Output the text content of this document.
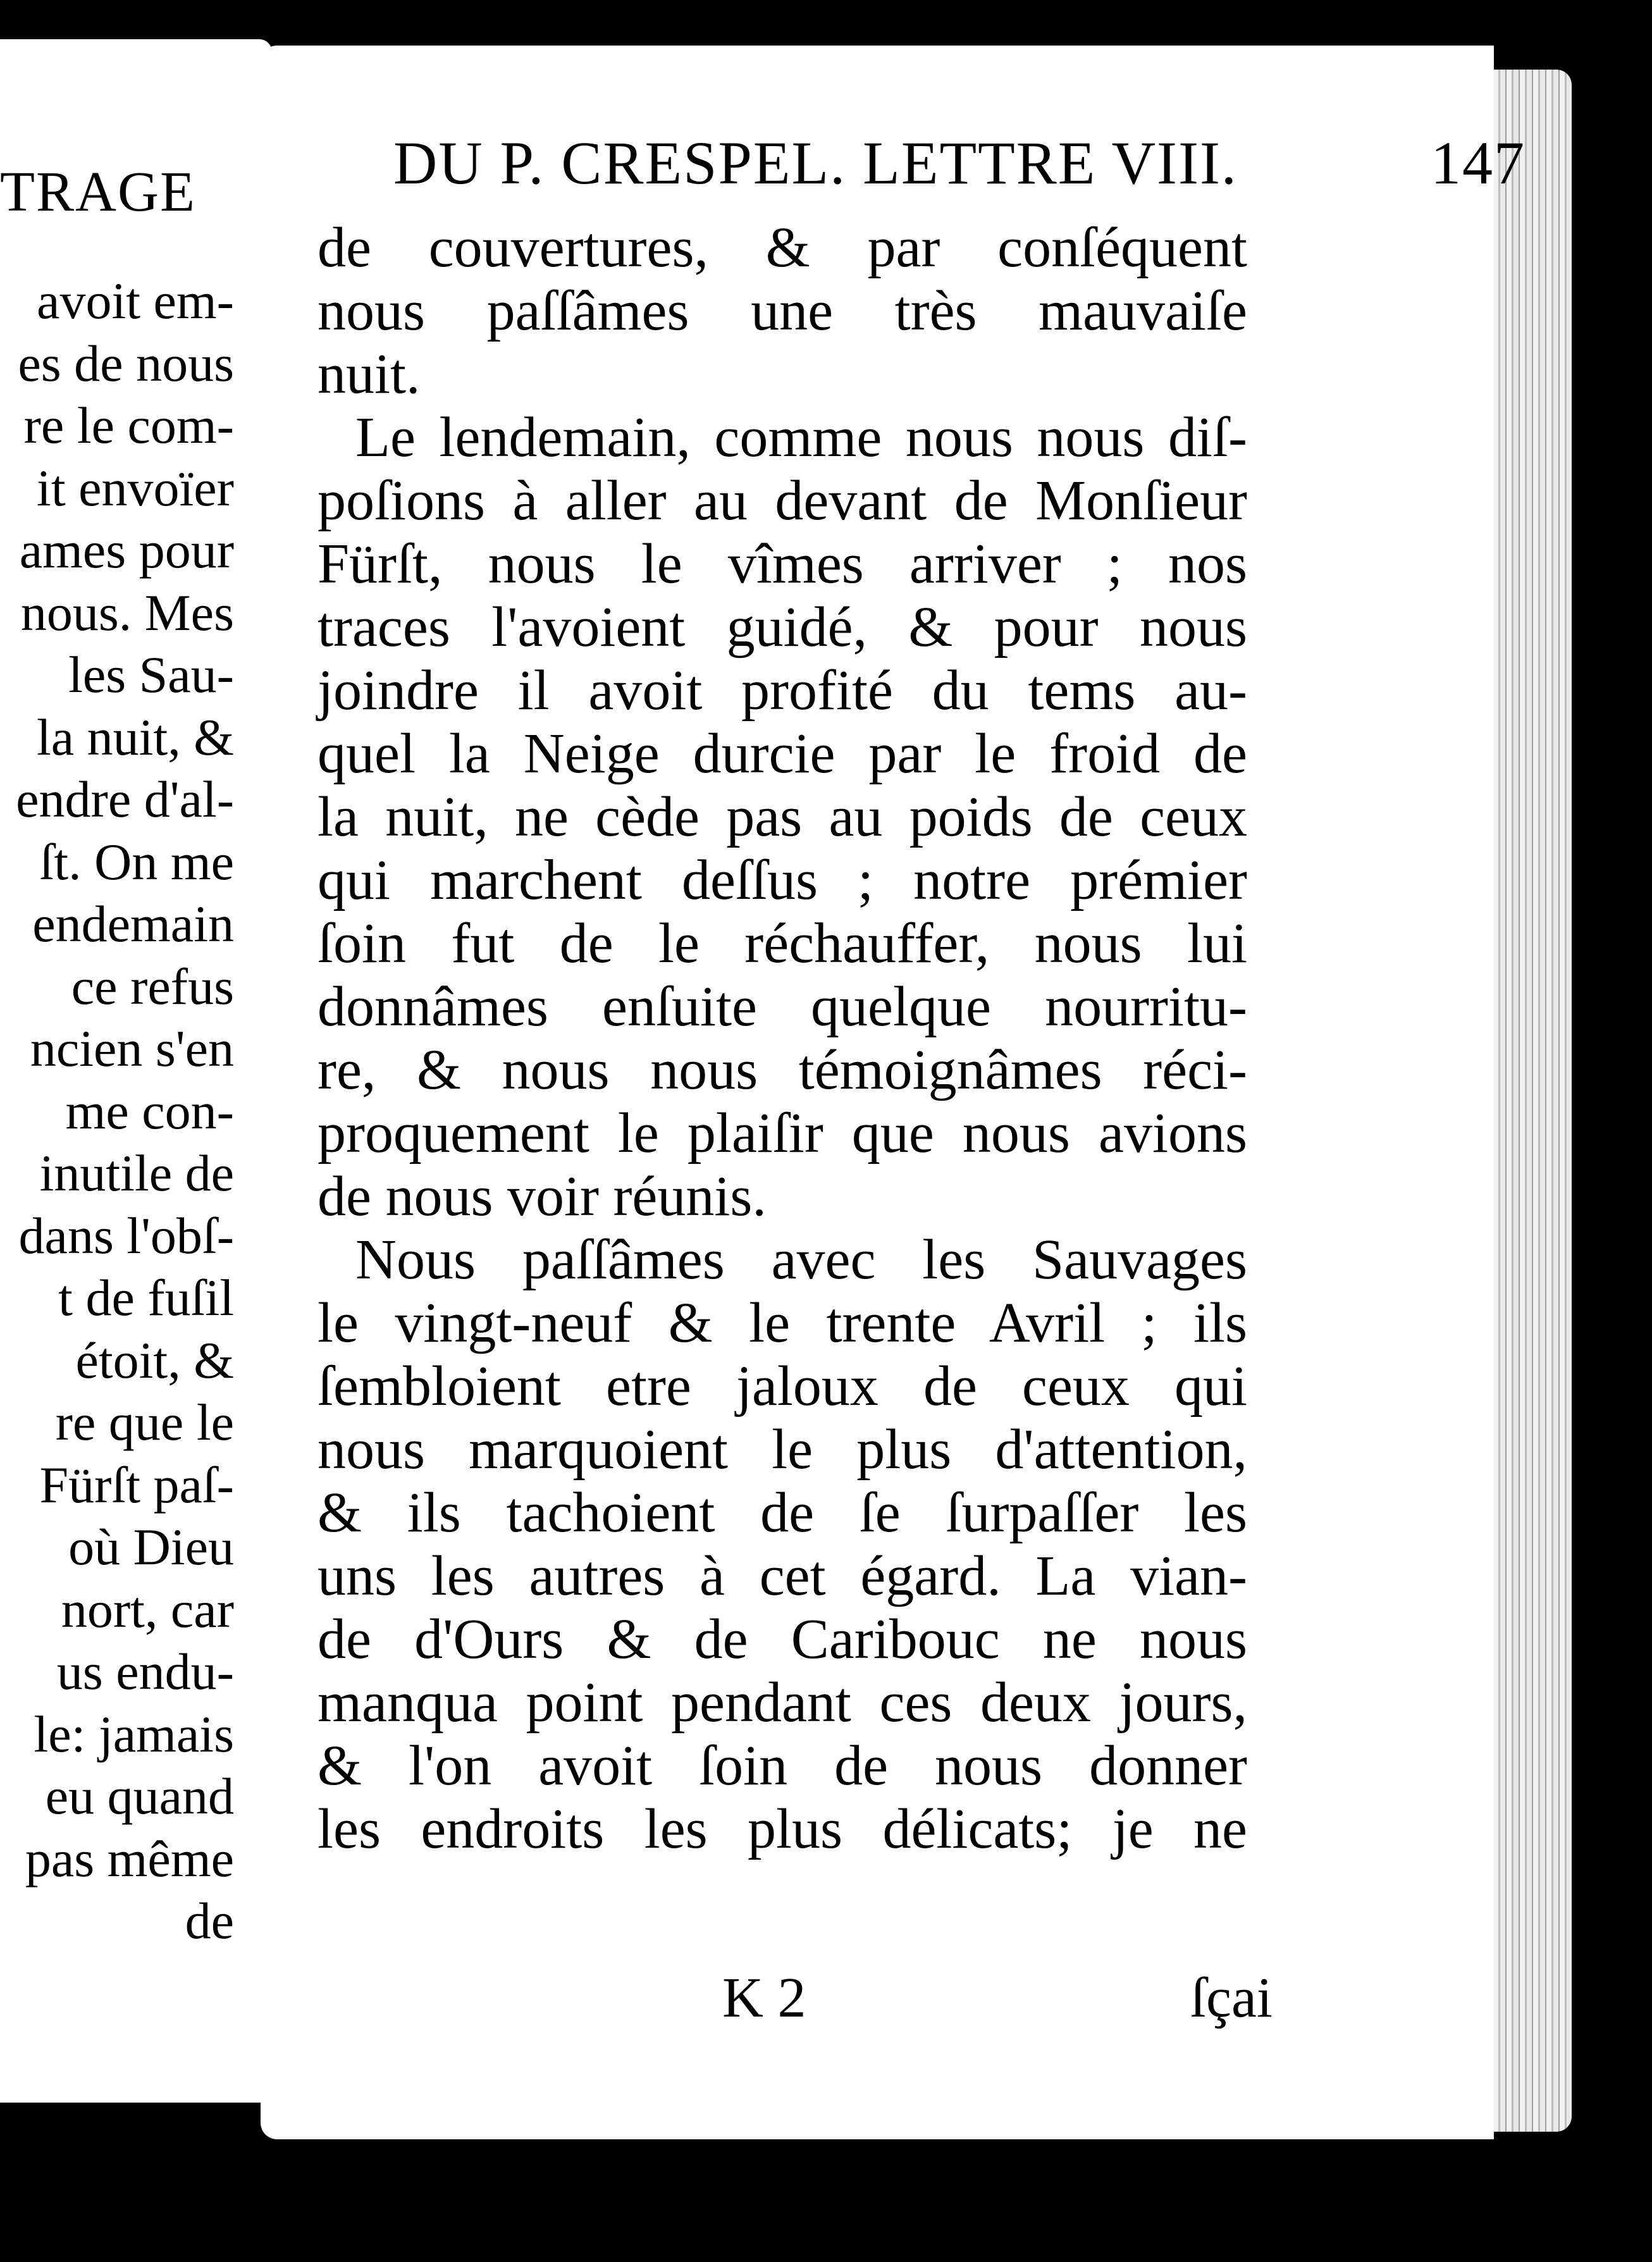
TRAGE
avoit em-
es de nous
re le com-
it envoïer
ames pour
nous. Mes
les Sau-
la nuit, &
endre d'al-
ſt. On me
endemain
ce refus
ncien s'en
me con-
inutile de
dans l'obſ-
t de fuſil
étoit, &
re que le
Fürſt paſ-
où Dieu
nort, car
us endu-
le: jamais
eu quand
pas même
de
DU P. CRESPEL. LETTRE VIII.	147
de couvertures, & par conſéquent
nous paſſâmes une très mauvaiſe
nuit.
Le lendemain, comme nous nous diſ-
poſions à aller au devant de Monſieur
Fürſt, nous le vîmes arriver ; nos
traces l'avoient guidé, & pour nous
joindre il avoit profité du tems au-
quel la Neige durcie par le froid de
la nuit, ne cède pas au poids de ceux
qui marchent deſſus ; notre prémier
ſoin fut de le réchauffer, nous lui
donnâmes enſuite quelque nourritu-
re, & nous nous témoignâmes réci-
proquement le plaiſir que nous avions
de nous voir réunis.
Nous paſſâmes avec les Sauvages
le vingt-neuf & le trente Avril ; ils
ſembloient etre jaloux de ceux qui
nous marquoient le plus d'attention,
& ils tachoient de ſe ſurpaſſer les
uns les autres à cet égard. La vian-
de d'Ours & de Caribouc ne nous
manqua point pendant ces deux jours,
& l'on avoit ſoin de nous donner
les endroits les plus délicats; je ne
K 2	ſçai
